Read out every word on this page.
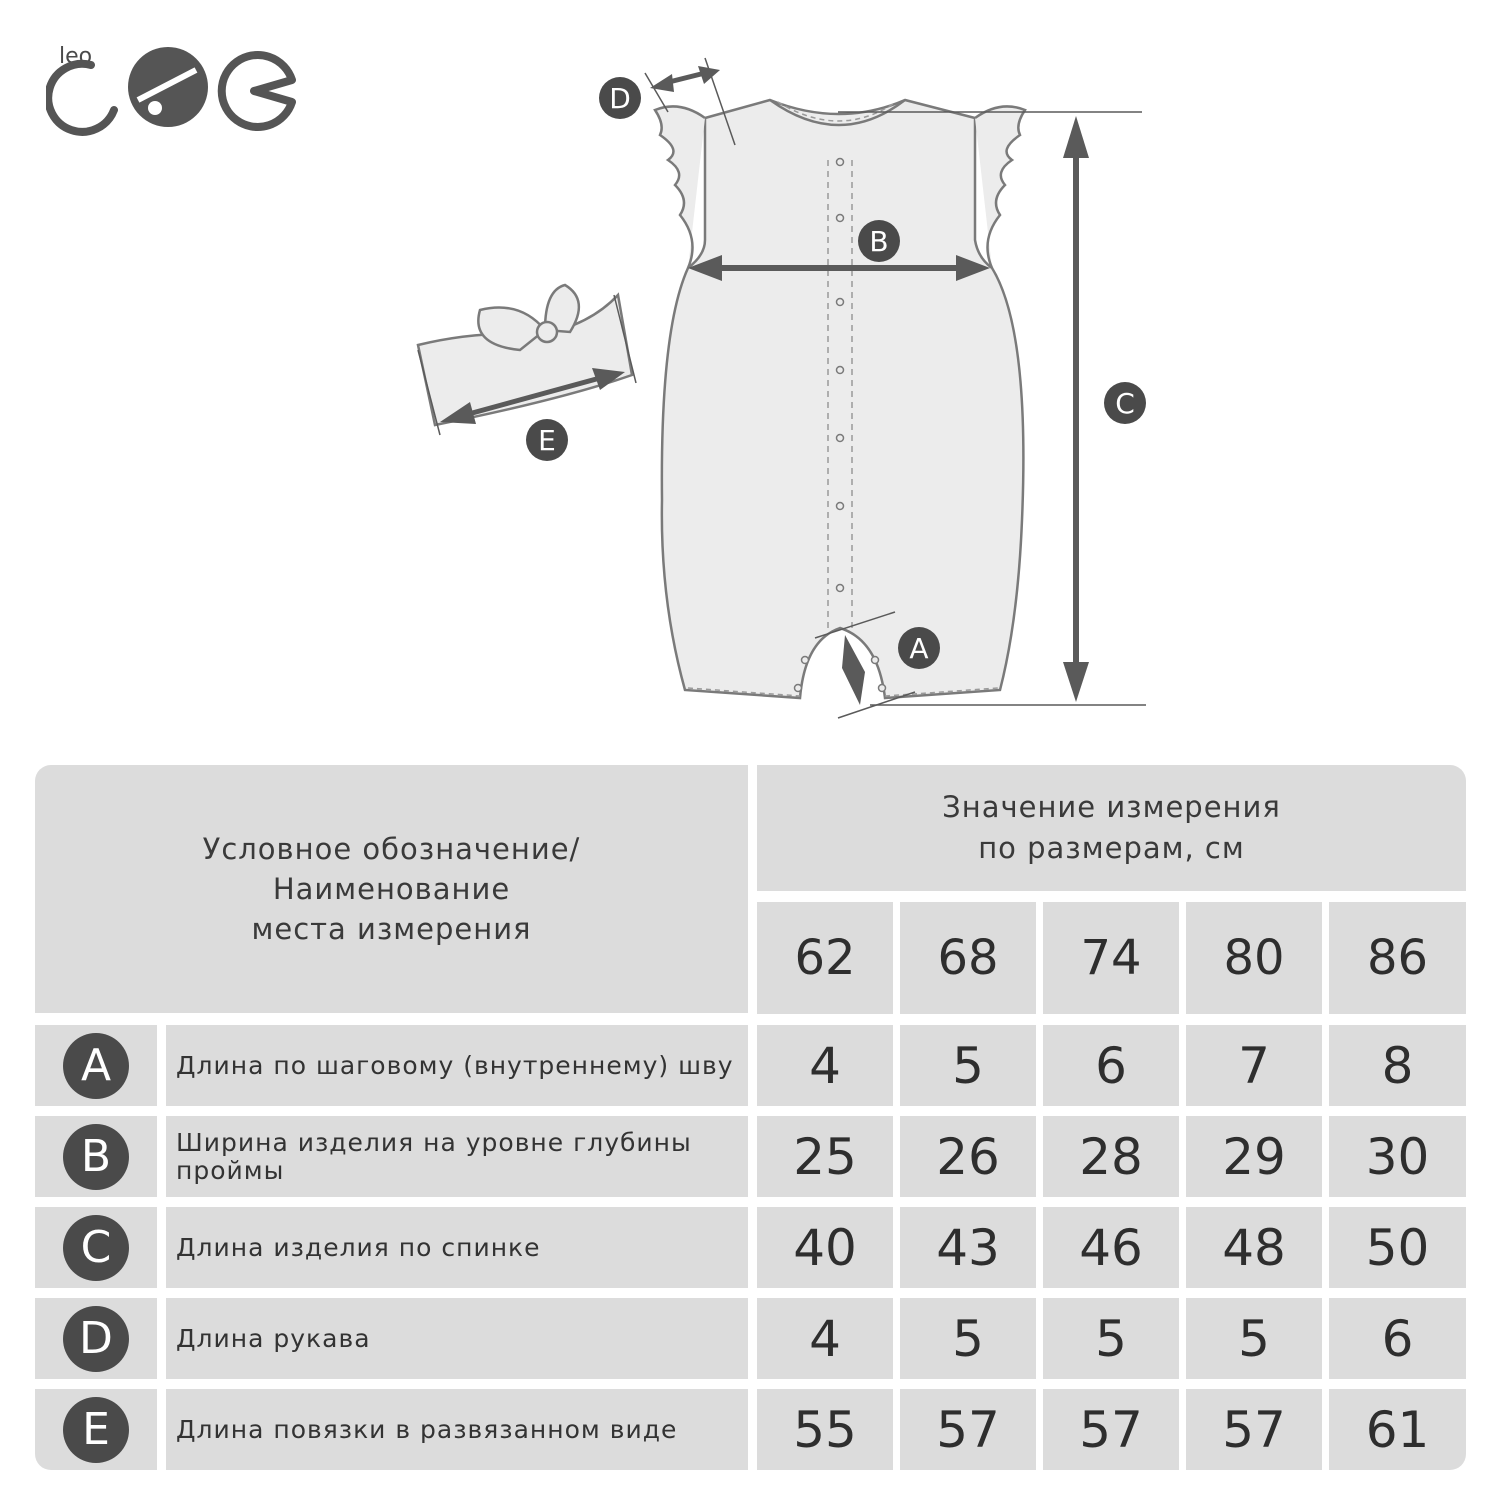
leo
D
B
C
E
A
Условное обозначение/
Наименование
места измерения
Значение измерения
по размерам, см
62	68	74	80	86
A	Длина по шаговому (внутреннему) шву	4	5	6	7	8
B	Ширина изделия на уровне глубины проймы	25	26	28	29	30
C	Длина изделия по спинке	40	43	46	48	50
D	Длина рукава	4	5	5	5	6
E	Длина повязки в развязанном виде	55	57	57	57	61
